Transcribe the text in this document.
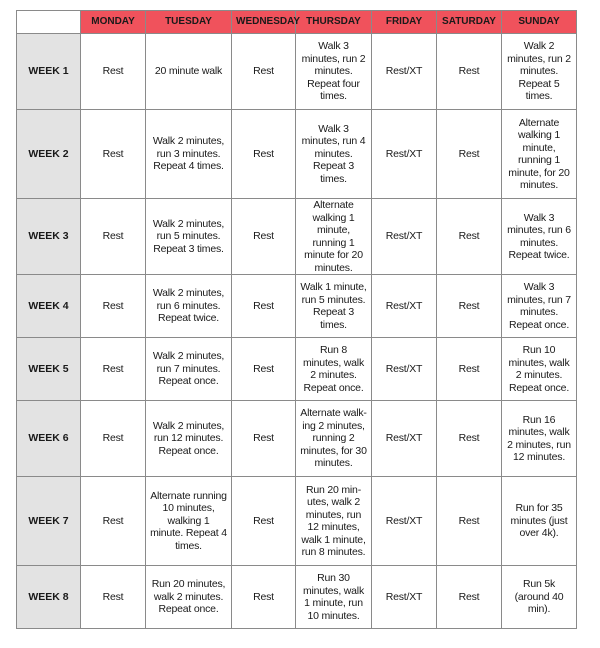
	MONDAY	TUESDAY	WEDNESDAY	THURSDAY	FRIDAY	SATURDAY	SUNDAY
WEEK 1	Rest	20 minute walk	Rest	Walk 3 minutes, run 2 minutes. Repeat four times.	Rest/XT	Rest	Walk 2 minutes, run 2 minutes. Repeat 5 times.
WEEK 2	Rest	Walk 2 minutes, run 3 minutes. Repeat 4 times.	Rest	Walk 3 minutes, run 4 minutes. Repeat 3 times.	Rest/XT	Rest	Alternate walking 1 minute, running 1 minute, for 20 minutes.
WEEK 3	Rest	Walk 2 minutes, run 5 minutes. Repeat 3 times.	Rest	Alternate walking 1 minute, running 1 minute for 20 minutes.	Rest/XT	Rest	Walk 3 minutes, run 6 minutes. Repeat twice.
WEEK 4	Rest	Walk 2 minutes, run 6 minutes. Repeat twice.	Rest	Walk 1 minute, run 5 minutes. Repeat 3 times.	Rest/XT	Rest	Walk 3 minutes, run 7 minutes. Repeat once.
WEEK 5	Rest	Walk 2 minutes, run 7 minutes. Repeat once.	Rest	Run 8 minutes, walk 2 minutes. Repeat once.	Rest/XT	Rest	Run 10 minutes, walk 2 minutes. Repeat once.
WEEK 6	Rest	Walk 2 minutes, run 12 minutes. Repeat once.	Rest	Alternate walk-ing 2 minutes, running 2 minutes, for 30 minutes.	Rest/XT	Rest	Run 16 minutes, walk 2 minutes, run 12 minutes.
WEEK 7	Rest	Alternate running 10 minutes, walking 1 minute. Repeat 4 times.	Rest	Run 20 min-utes, walk 2 minutes, run 12 minutes, walk 1 minute, run 8 minutes.	Rest/XT	Rest	Run for 35 minutes (just over 4k).
WEEK 8	Rest	Run 20 minutes, walk 2 minutes. Repeat once.	Rest	Run 30 minutes, walk 1 minute, run 10 minutes.	Rest/XT	Rest	Run 5k (around 40 min).
